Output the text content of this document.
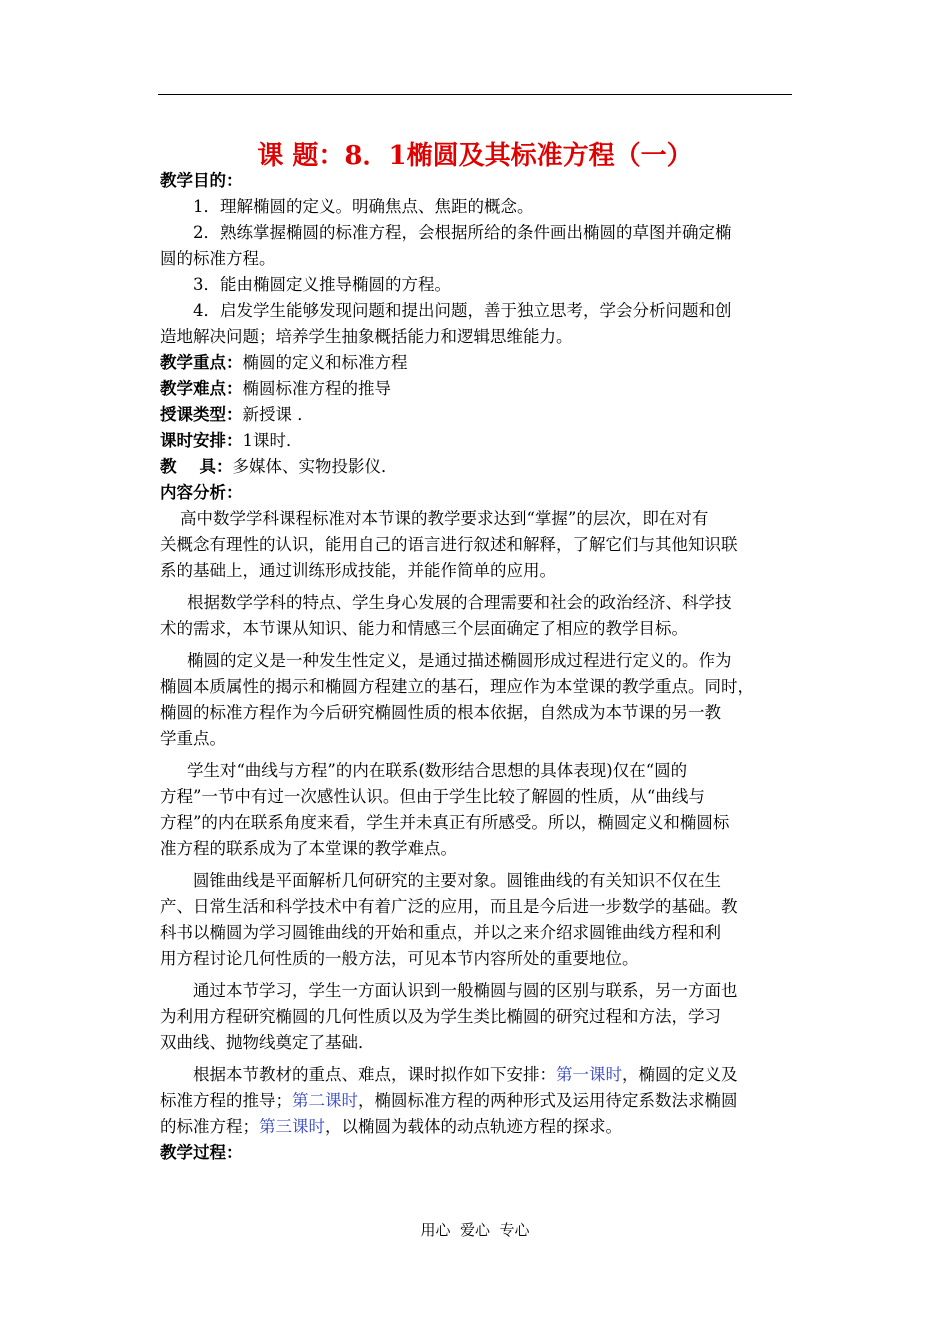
课 题：8．1椭圆及其标准方程（一）
教学目的：
1．理解椭圆的定义。明确焦点、焦距的概念。
2．熟练掌握椭圆的标准方程，会根据所给的条件画出椭圆的草图并确定椭
圆的标准方程。
3．能由椭圆定义推导椭圆的方程。
4．启发学生能够发现问题和提出问题，善于独立思考，学会分析问题和创
造地解决问题；培养学生抽象概括能力和逻辑思维能力。
教学重点：椭圆的定义和标准方程
教学难点：椭圆标准方程的推导
授课类型：新授课 ．
课时安排：1课时．
教    具：多媒体、实物投影仪．
内容分析：
高中数学学科课程标准对本节课的教学要求达到“掌握”的层次，即在对有
关概念有理性的认识，能用自己的语言进行叙述和解释，了解它们与其他知识联
系的基础上，通过训练形成技能，并能作简单的应用。
根据数学学科的特点、学生身心发展的合理需要和社会的政治经济、科学技
术的需求，本节课从知识、能力和情感三个层面确定了相应的教学目标。
椭圆的定义是一种发生性定义，是通过描述椭圆形成过程进行定义的。作为
椭圆本质属性的揭示和椭圆方程建立的基石，理应作为本堂课的教学重点。同时，
椭圆的标准方程作为今后研究椭圆性质的根本依据，自然成为本节课的另一教
学重点。
学生对“曲线与方程”的内在联系(数形结合思想的具体表现)仅在“圆的
方程”一节中有过一次感性认识。但由于学生比较了解圆的性质，从“曲线与
方程”的内在联系角度来看，学生并未真正有所感受。所以，椭圆定义和椭圆标
准方程的联系成为了本堂课的教学难点。
圆锥曲线是平面解析几何研究的主要对象。圆锥曲线的有关知识不仅在生
产、日常生活和科学技术中有着广泛的应用，而且是今后进一步数学的基础。教
科书以椭圆为学习圆锥曲线的开始和重点，并以之来介绍求圆锥曲线方程和利
用方程讨论几何性质的一般方法，可见本节内容所处的重要地位。
通过本节学习，学生一方面认识到一般椭圆与圆的区别与联系，另一方面也
为利用方程研究椭圆的几何性质以及为学生类比椭圆的研究过程和方法，学习
双曲线、抛物线奠定了基础．
根据本节教材的重点、难点，课时拟作如下安排：第一课时，椭圆的定义及
标准方程的推导；第二课时，椭圆标准方程的两种形式及运用待定系数法求椭圆
的标准方程；第三课时，以椭圆为载体的动点轨迹方程的探求。
教学过程：
用心  爱心  专心
